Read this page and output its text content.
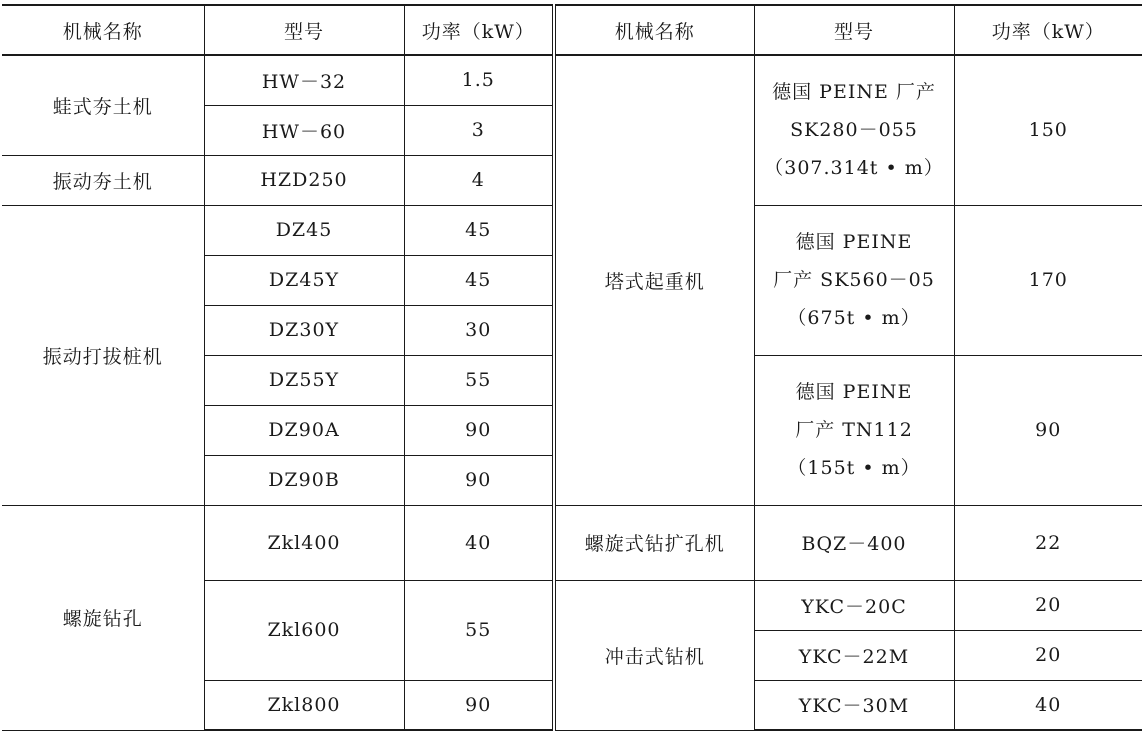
机械名称	型号	功率（kW）	机械名称	型号	功率（kW）
蛙式夯土机	HW－32	1.5	塔式起重机	德国 PEINE 厂产
SK280－055
（307.314t • m）	150
	HW－60	3			
振动夯土机	HZD250	4			
振动打拔桩机	DZ45	45		德国 PEINE
厂产 SK560－05
（675t • m）	170
	DZ45Y	45			
	DZ30Y	30			
	DZ55Y	55		德国 PEINE
厂产 TN112
（155t • m）	90
	DZ90A	90			
	DZ90B	90			
螺旋钻孔	Zkl400	40	螺旋式钻扩孔机	BQZ－400	22

	Zkl600	55	冲击式钻机	YKC－20C	20
				YKC－22M	20
	Zkl800	90		YKC－30M	40
